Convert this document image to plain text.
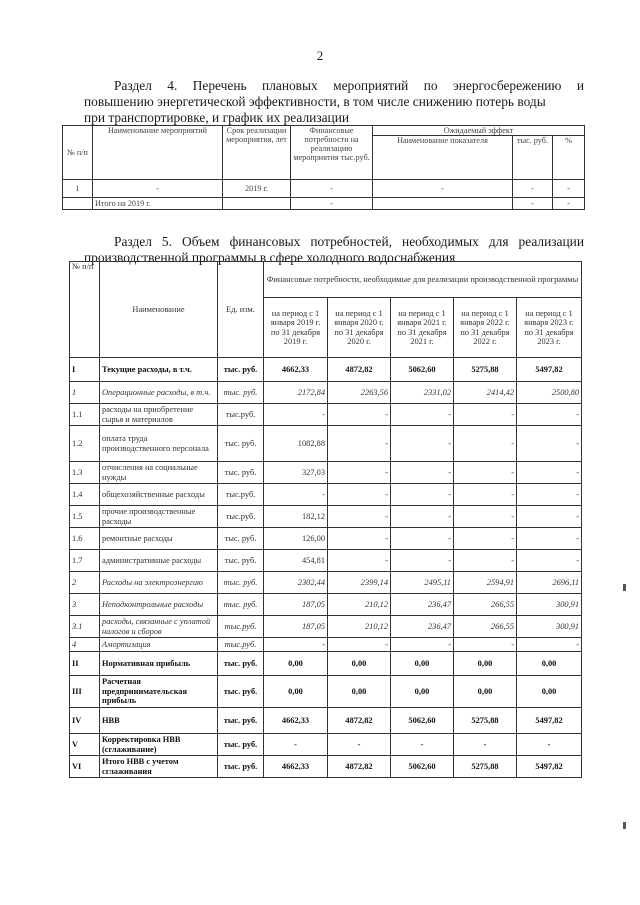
2
Раздел 4. Перечень плановых мероприятий по энергосбережению и
повышению энергетической эффективности, в том числе снижению потерь воды
при транспортировке, и график их реализации
№ п/п	Наименование мероприятий	Срок реализации мероприятия, лет	Финансовые потребности на реализацию мероприятия тыс.руб.	Ожидаемый эффект		
				Наименование показателя	тыс. руб.	%
1	-	2019 г.	-	-	-	-
	Итого на 2019 г.		-		-	-
Раздел 5. Объем финансовых потребностей, необходимых для реализации
производственной программы в сфере холодного водоснабжения
№ п/п	Наименование	Ед. изм.	Финансовые потребности, необходимые для реализации производственной программы				
			на период с 1 января 2019 г. по 31 декабря 2019 г.	на период с 1 января 2020 г. по 31 декабря 2020 г.	на период с 1 января 2021 г. по 31 декабря 2021 г.	на период с 1 января 2022 г. по 31 декабря 2022 г.	на период с 1 января 2023 г. по 31 декабря 2023 г.
I	Текущие расходы, в т.ч.	тыс. руб.	4662,33	4872,82	5062,60	5275,88	5497,82
1	Операционные расходы, в т.ч.	тыс. руб.	2172,84	2263,56	2331,02	2414,42	2500,80
1.1	расходы на приобретение сырья и материалов	тыс.руб.	-	-	-	-	-
1.2	оплата труда производственного персонала	тыс. руб.	1082,88	-	-	-	-
1.3	отчисления на социальные нужды	тыс. руб.	327,03	-	-	-	-
1.4	общехозяйственные расходы	тыс.руб.	-	-	-	-	-
1.5	прочие производственные расходы	тыс.руб.	182,12	-	-	-	-
1.6	ремонтные расходы	тыс. руб.	126,00	-	-	-	-
1.7	административные расходы	тыс. руб.	454,81	-	-	-	-
2	Расходы на электроэнергию	тыс. руб.	2302,44	2399,14	2495,11	2594,91	2696,11
3	Неподконтрольные расходы	тыс. руб.	187,05	210,12	236,47	266,55	300,91
3.1	расходы, связанные с уплатой налогов и сборов	тыс.руб.	187,05	210,12	236,47	266,55	300,91
4	Амортизация	тыс.руб.	-	-	-	-	-
II	Нормативная прибыль	тыс. руб.	0,00	0,00	0,00	0,00	0,00
III	Расчетная предпринимательская прибыль	тыс. руб.	0,00	0,00	0,00	0,00	0,00
IV	НВВ	тыс. руб.	4662,33	4872,82	5062,60	5275,88	5497,82
V	Корректировка НВВ (сглаживание)	тыс. руб.	-	-	-	-	-
VI	Итого НВВ с учетом сглаживания	тыс. руб.	4662,33	4872,82	5062,60	5275,88	5497,82
